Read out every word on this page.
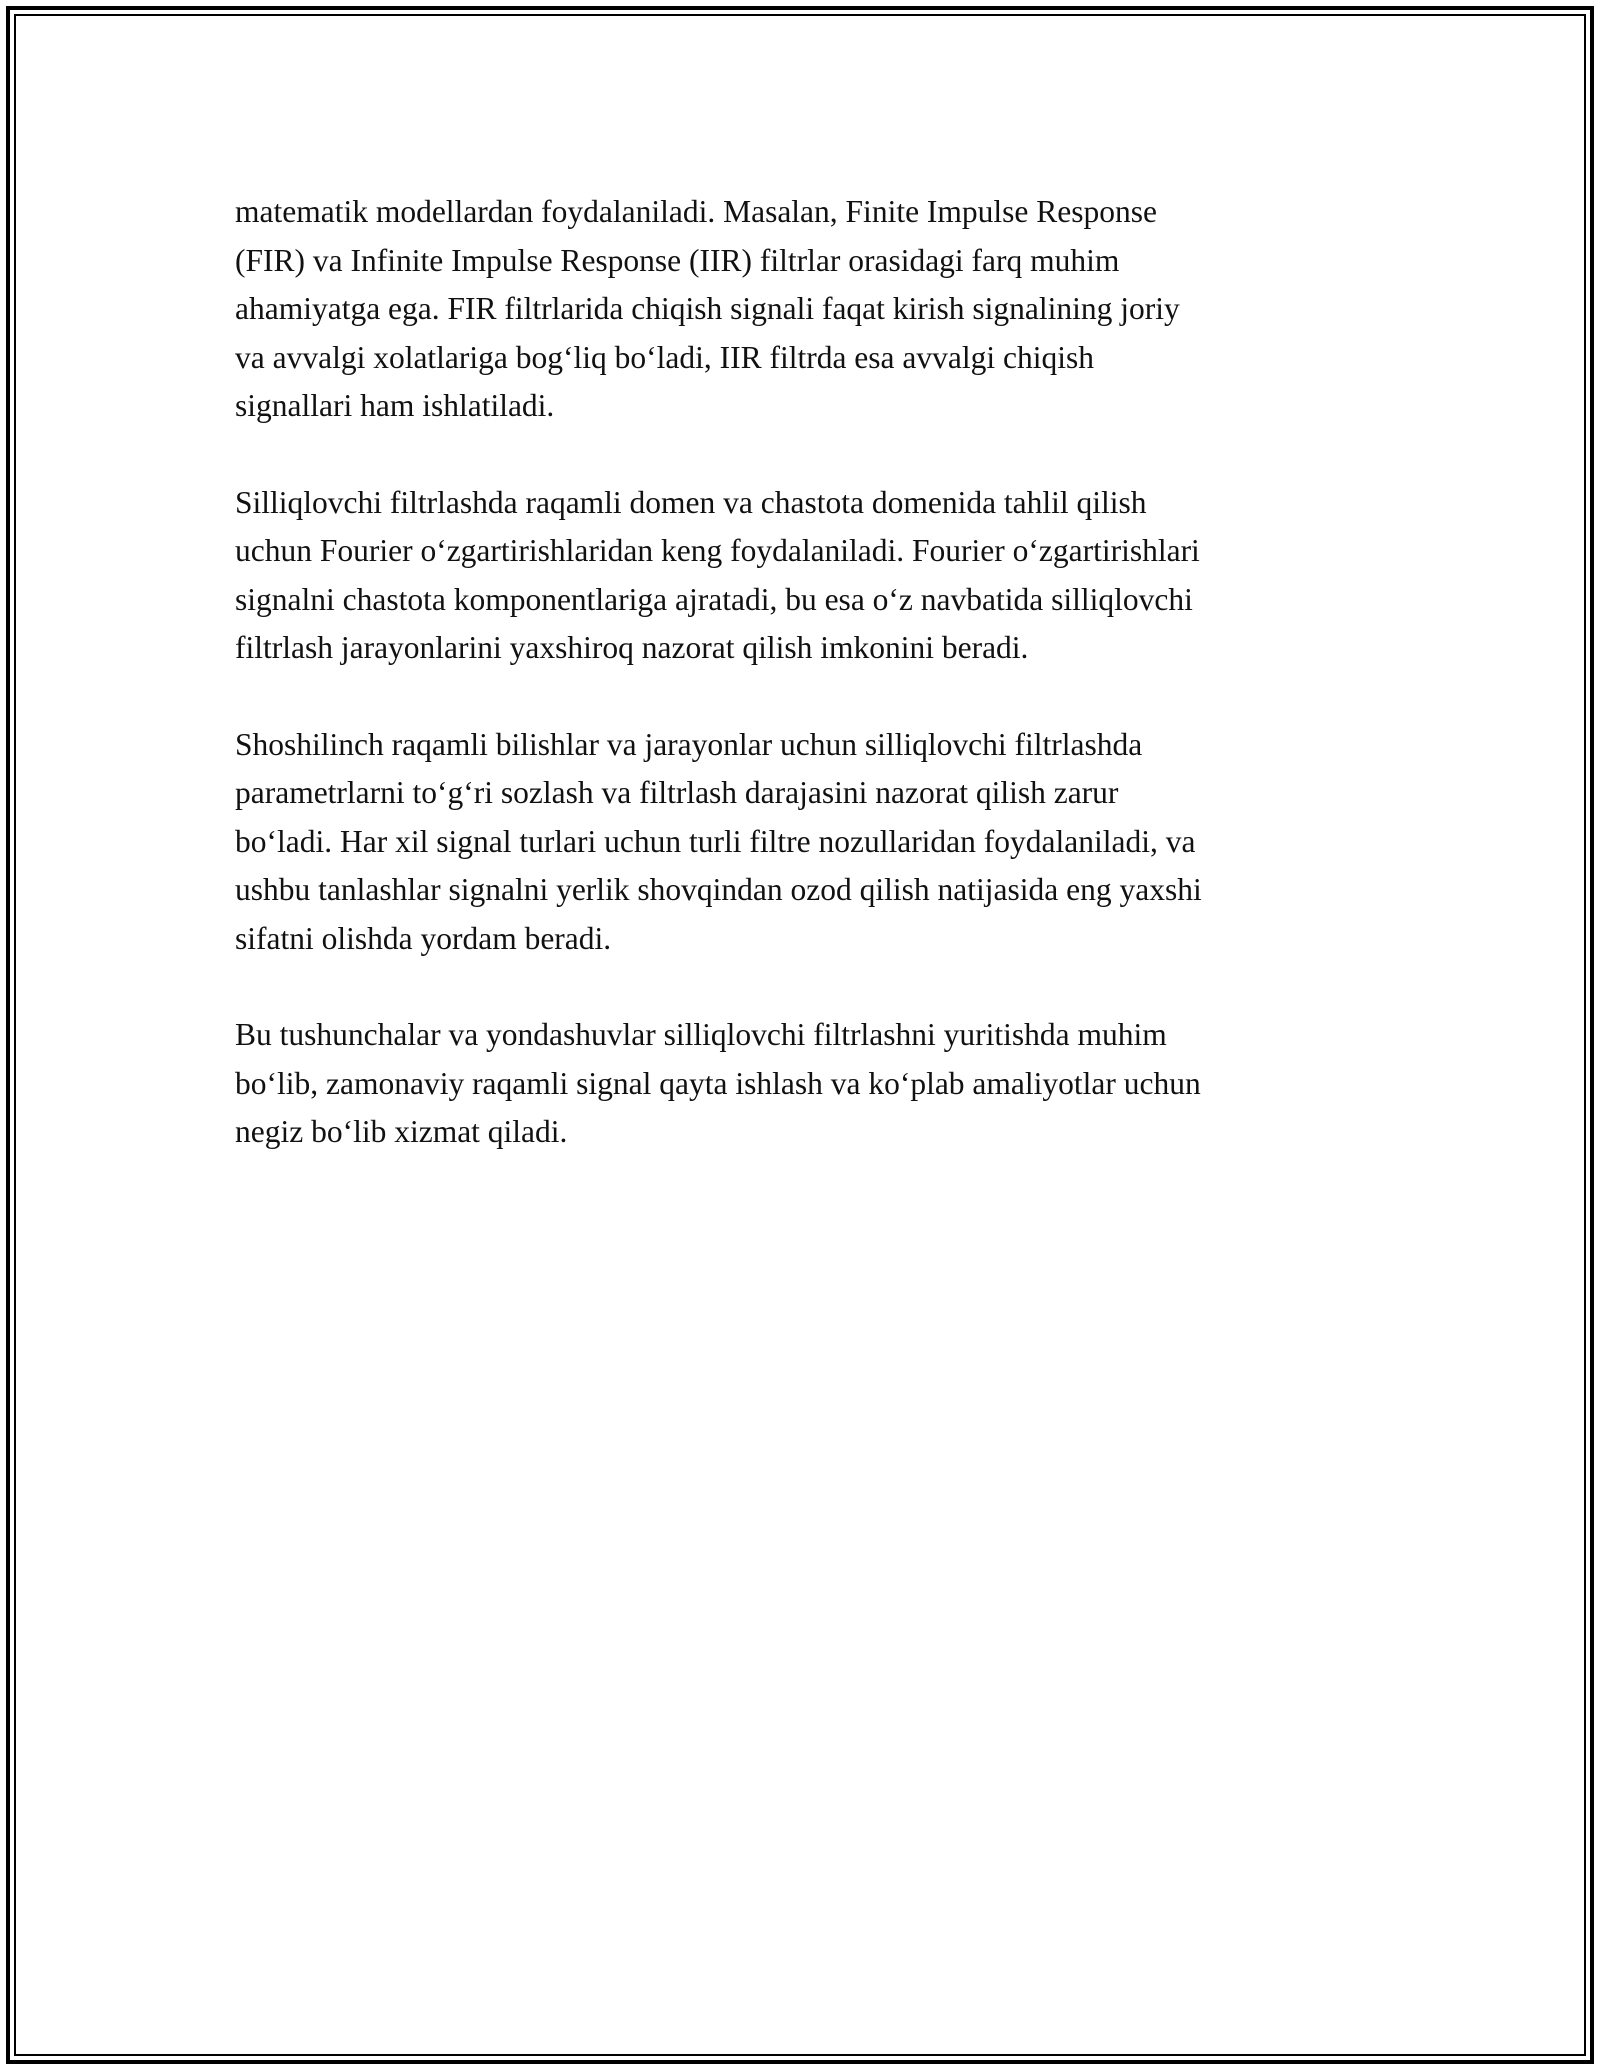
matematik modellardan foydalaniladi. Masalan, Finite Impulse Response
(FIR) va Infinite Impulse Response (IIR) filtrlar orasidagi farq muhim
ahamiyatga ega. FIR filtrlarida chiqish signali faqat kirish signalining joriy
va avvalgi xolatlariga bog‘liq bo‘ladi, IIR filtrda esa avvalgi chiqish
signallari ham ishlatiladi.

Silliqlovchi filtrlashda raqamli domen va chastota domenida tahlil qilish
uchun Fourier o‘zgartirishlaridan keng foydalaniladi. Fourier o‘zgartirishlari
signalni chastota komponentlariga ajratadi, bu esa o‘z navbatida silliqlovchi
filtrlash jarayonlarini yaxshiroq nazorat qilish imkonini beradi.

Shoshilinch raqamli bilishlar va jarayonlar uchun silliqlovchi filtrlashda
parametrlarni to‘g‘ri sozlash va filtrlash darajasini nazorat qilish zarur
bo‘ladi. Har xil signal turlari uchun turli filtre nozullaridan foydalaniladi, va
ushbu tanlashlar signalni yerlik shovqindan ozod qilish natijasida eng yaxshi
sifatni olishda yordam beradi.

Bu tushunchalar va yondashuvlar silliqlovchi filtrlashni yuritishda muhim
bo‘lib, zamonaviy raqamli signal qayta ishlash va ko‘plab amaliyotlar uchun
negiz bo‘lib xizmat qiladi.
